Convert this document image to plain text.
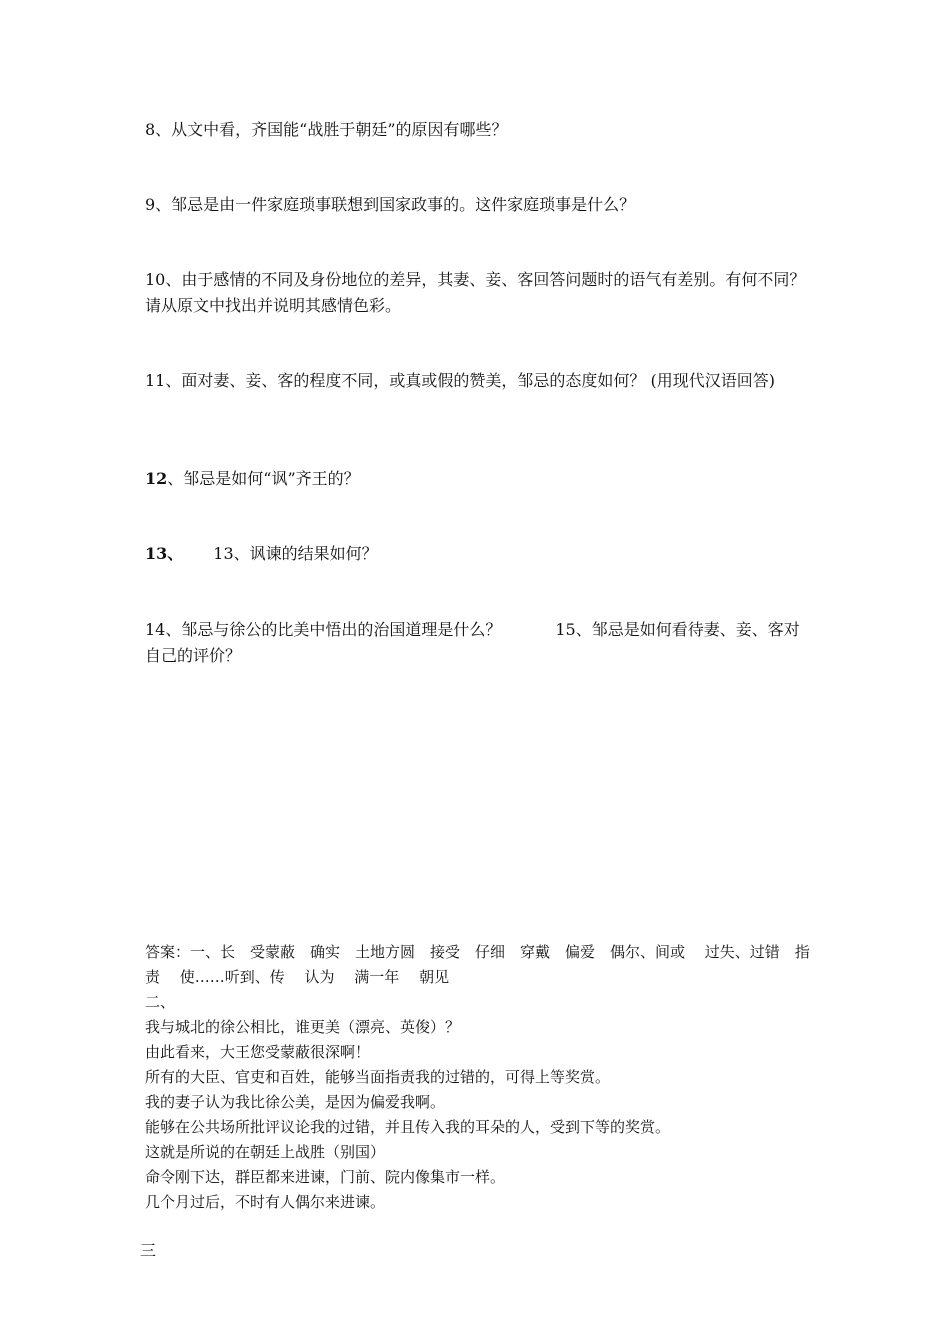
8、从文中看，齐国能“战胜于朝廷”的原因有哪些？

9、邹忌是由一件家庭琐事联想到国家政事的。这件家庭琐事是什么？

10、由于感情的不同及身份地位的差异，其妻、妾、客回答问题时的语气有差别。有何不同？请从原文中找出并说明其感情色彩。

11、面对妻、妾、客的程度不同，或真或假的赞美，邹忌的态度如何？ (用现代汉语回答)

12、邹忌是如何“讽”齐王的？

13、 13、讽谏的结果如何？

14、邹忌与徐公的比美中悟出的治国道理是什么？	15、邹忌是如何看待妻、妾、客对自己的评价？

答案：一、长　受蒙蔽　确实　土地方圆　接受　仔细　穿戴　偏爱　偶尔、间或　 过失、过错　指责　 使……听到、传　 认为　 满一年　 朝见

二、

我与城北的徐公相比，谁更美（漂亮、英俊）？

由此看来，大王您受蒙蔽很深啊！

所有的大臣、官吏和百姓，能够当面指责我的过错的，可得上等奖赏。

我的妻子认为我比徐公美，是因为偏爱我啊。

能够在公共场所批评议论我的过错，并且传入我的耳朵的人，受到下等的奖赏。

这就是所说的在朝廷上战胜（别国）

命令刚下达，群臣都来进谏，门前、院内像集市一样。

几个月过后，不时有人偶尔来进谏。

三
